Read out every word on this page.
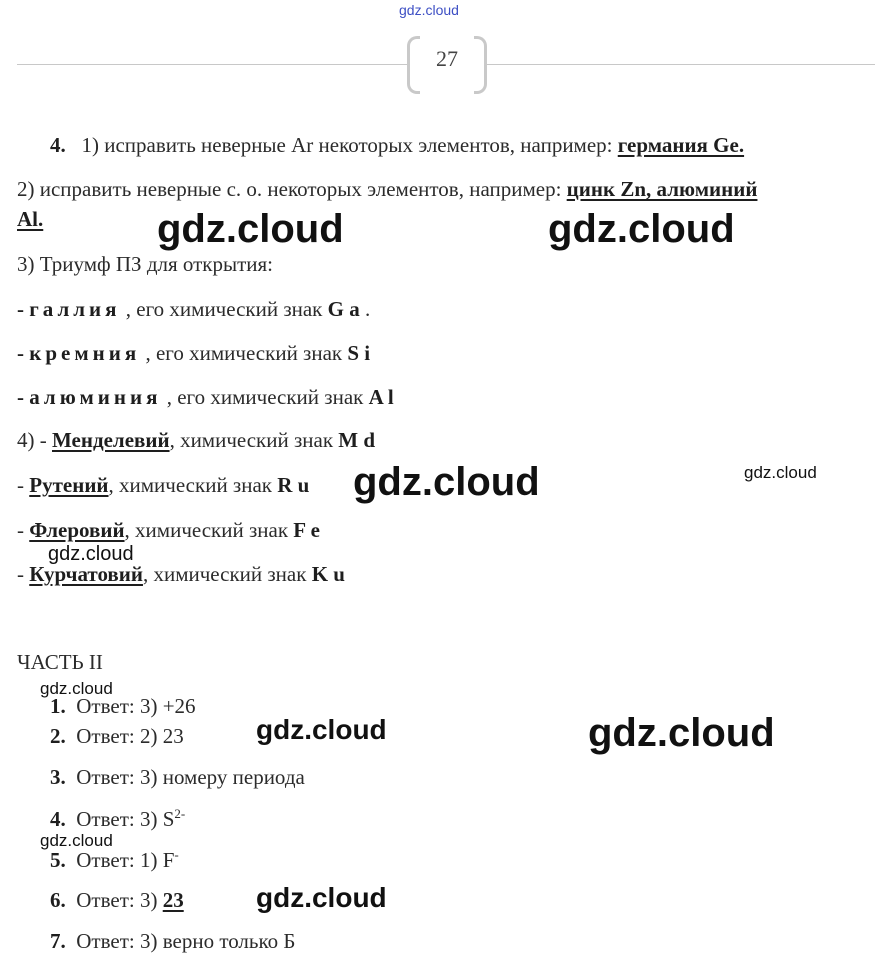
gdz.cloud
27
4. 1) исправить неверные Ar некоторых элементов, например: германия Ge.
2) исправить неверные с. о. некоторых элементов, например: цинк Zn, алюминий
Al.
3) Триумф ПЗ для открытия:
- галлия , его химический знак G a .
- кремния , его химический знак S i
- алюминия , его химический знак A l
4) - Менделевий, химический знак M d
- Рутений, химический знак R u
- Флеровий, химический знак F e
- Курчатовий, химический знак K u
ЧАСТЬ II
1. Ответ: 3) +26
2. Ответ: 2) 23
3. Ответ: 3) номеру периода
4. Ответ: 3) $S^{2-}$
5. Ответ: 1) F-
6. Ответ: 3) 23
7. Ответ: 3) верно только Б
gdz.cloud	gdz.cloud
gdz.cloud
gdz.cloud
gdz.cloud
gdz.cloud
gdz.cloud
gdz.cloud
gdz.cloud
gdz.cloud
